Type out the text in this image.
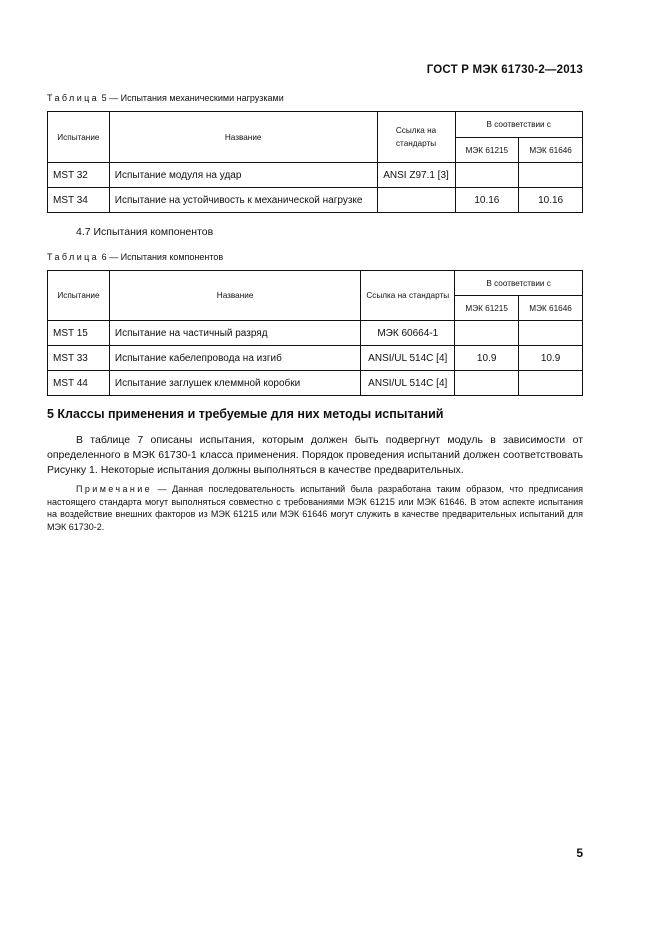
ГОСТ Р МЭК 61730-2—2013
Таблица 5 — Испытания механическими нагрузками
Испытание	Название	Ссылка на стандарты	В соответствии с	
			МЭК 61215	МЭК 61646
MST 32	Испытание модуля на удар	ANSI Z97.1 [3]		
MST 34	Испытание на устойчивость к механической нагрузке		10.16	10.16
4.7 Испытания компонентов
Таблица 6 — Испытания компонентов
Испытание	Название	Ссылка на стандарты	В соответствии с	
			МЭК 61215	МЭК 61646
MST 15	Испытание на частичный разряд	МЭК 60664-1		
MST 33	Испытание кабелепровода на изгиб	ANSI/UL 514C [4]	10.9	10.9
MST 44	Испытание заглушек клеммной коробки	ANSI/UL 514C [4]		
5 Классы применения и требуемые для них методы испытаний
В таблице 7 описаны испытания, которым должен быть подвергнут модуль в зависимости от определенного в МЭК 61730-1 класса применения. Порядок проведения испытаний должен соответствовать Рисунку 1. Некоторые испытания должны выполняться в качестве предварительных.
Примечание — Данная последовательность испытаний была разработана таким образом, что предписания настоящего стандарта могут выполняться совместно с требованиями МЭК 61215 или МЭК 61646. В этом аспекте испытания на воздействие внешних факторов из МЭК 61215 или МЭК 61646 могут служить в качестве предварительных испытаний для МЭК 61730-2.
5
